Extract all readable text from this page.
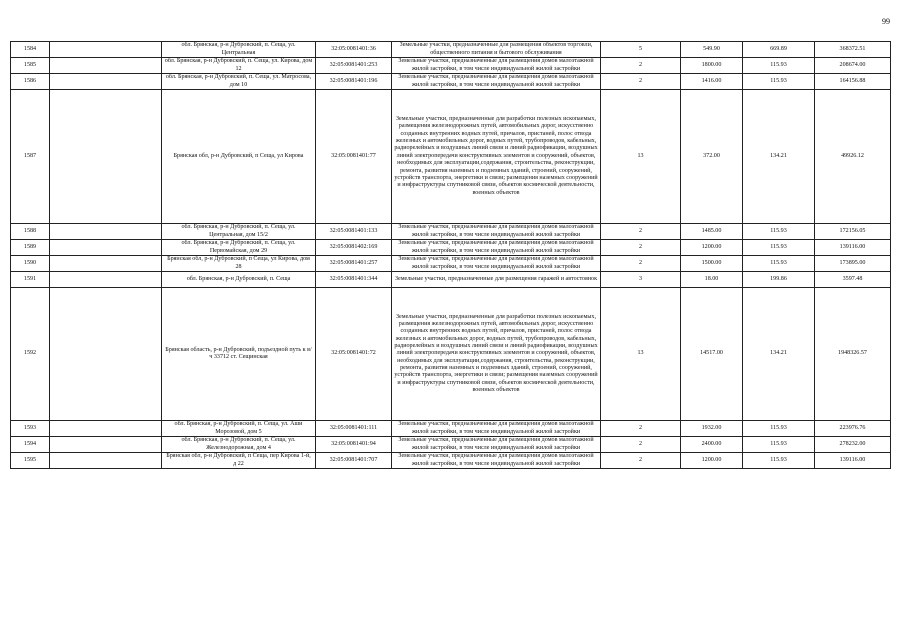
99
1584		обл. Брянская, р-н Дубровский, п. Сеща, ул. Центральная	32:05:0081401:36	Земельные участки, предназначенные для размещения объектов торговли, общественного питания и бытового обслуживания	5	549.90	669.89	368372.51
1585		обл. Брянская, р-н Дубровский, п. Сеща, ул. Кирова, дом 12	32:05:0081401:253	Земельные участки, предназначенные для размещения домов малоэтажной жилой застройки, в том числе индивидуальной жилой застройки	2	1800.00	115.93	208674.00
1586		обл. Брянская, р-н Дубровский, п. Сеща, ул. Матросова, дом 10	32:05:0081401:196	Земельные участки, предназначенные для размещения домов малоэтажной жилой застройки, в том числе индивидуальной жилой застройки	2	1416.00	115.93	164156.88
1587		Брянская обл, р-н Дубровский, п Сеща, ул Кирова	32:05:0081401:77	Земельные участки, предназначенные для разработки полезных ископаемых, размещения железнодорожных путей, автомобильных дорог, искусственно созданных внутренних водных путей, причалов, пристаней, полос отвода железных и автомобильных дорог, водных путей, трубопроводов, кабельных, радиорелейных и воздушных линий связи и линий радиофикации, воздушных линий электропередачи конструктивных элементов и сооружений, объектов, необходимых для эксплуатации,содержания, строительства, реконструкции, ремонта, развития наземных и подземных зданий, строений, сооружений, устройств транспорта, энергетики и связи; размещения наземных сооружений и инфраструктуры спутниковой связи, объектов космической деятельности, военных объектов	13	372.00	134.21	49926.12
1588		обл. Брянская, р-н Дубровский, п. Сеща, ул. Центральная, дом 15/2	32:05:0081401:133	Земельные участки, предназначенные для размещения домов малоэтажной жилой застройки, в том числе индивидуальной жилой застройки	2	1485.00	115.93	172156.05
1589		обл. Брянская, р-н Дубровский, п. Сеща, ул. Первомайская, дом 29	32:05:0081402:169	Земельные участки, предназначенные для размещения домов малоэтажной жилой застройки, в том числе индивидуальной жилой застройки	2	1200.00	115.93	139116.00
1590		Брянская обл, р-н Дубровский, п Сеща, ул Кирова, дом 28	32:05:0081401:257	Земельные участки, предназначенные для размещения домов малоэтажной жилой застройки, в том числе индивидуальной жилой застройки	2	1500.00	115.93	173895.00
1591		обл. Брянская, р-н Дубровский, п. Сеща	32:05:0081401:344	Земельные участки, предназначенные для размещения гаражей и автостоянок	3	18.00	199.86	3597.48
1592		Брянская область, р-н Дубровский, подъездной путь к в/ч 33712 ст. Сещинская	32:05:0081401:72	Земельные участки, предназначенные для разработки полезных ископаемых, размещения железнодорожных путей, автомобильных дорог, искусственно созданных внутренних водных путей, причалов, пристаней, полос отвода железных и автомобильных дорог, водных путей, трубопроводов, кабельных, радиорелейных и воздушных линий связи и линий радиофикации, воздушных линий электропередачи конструктивных элементов и сооружений, объектов, необходимых для эксплуатации,содержания, строительства, реконструкции, ремонта, развития наземных и подземных зданий, строений, сооружений, устройств транспорта, энергетики и связи; размещения наземных сооружений и инфраструктуры спутниковой связи, объектов космической деятельности, военных объектов	13	14517.00	134.21	1948326.57
1593		обл. Брянская, р-н Дубровский, п. Сеща, ул. Аши Морозовой, дом 5	32:05:0081401:111	Земельные участки, предназначенные для размещения домов малоэтажной жилой застройки, в том числе индивидуальной жилой застройки	2	1932.00	115.93	223976.76
1594		обл. Брянская, р-н Дубровский, п. Сеща, ул. Железнодорожная, дом 4	32:05:0081401:94	Земельные участки, предназначенные для размещения домов малоэтажной жилой застройки, в том числе индивидуальной жилой застройки	2	2400.00	115.93	278232.00
1595		Брянская обл, р-н Дубровский, п Сеща, пер Кирова 1-й, д 22	32:05:0081401:707	Земельные участки, предназначенные для размещения домов малоэтажной жилой застройки, в том числе индивидуальной жилой застройки	2	1200.00	115.93	139116.00
